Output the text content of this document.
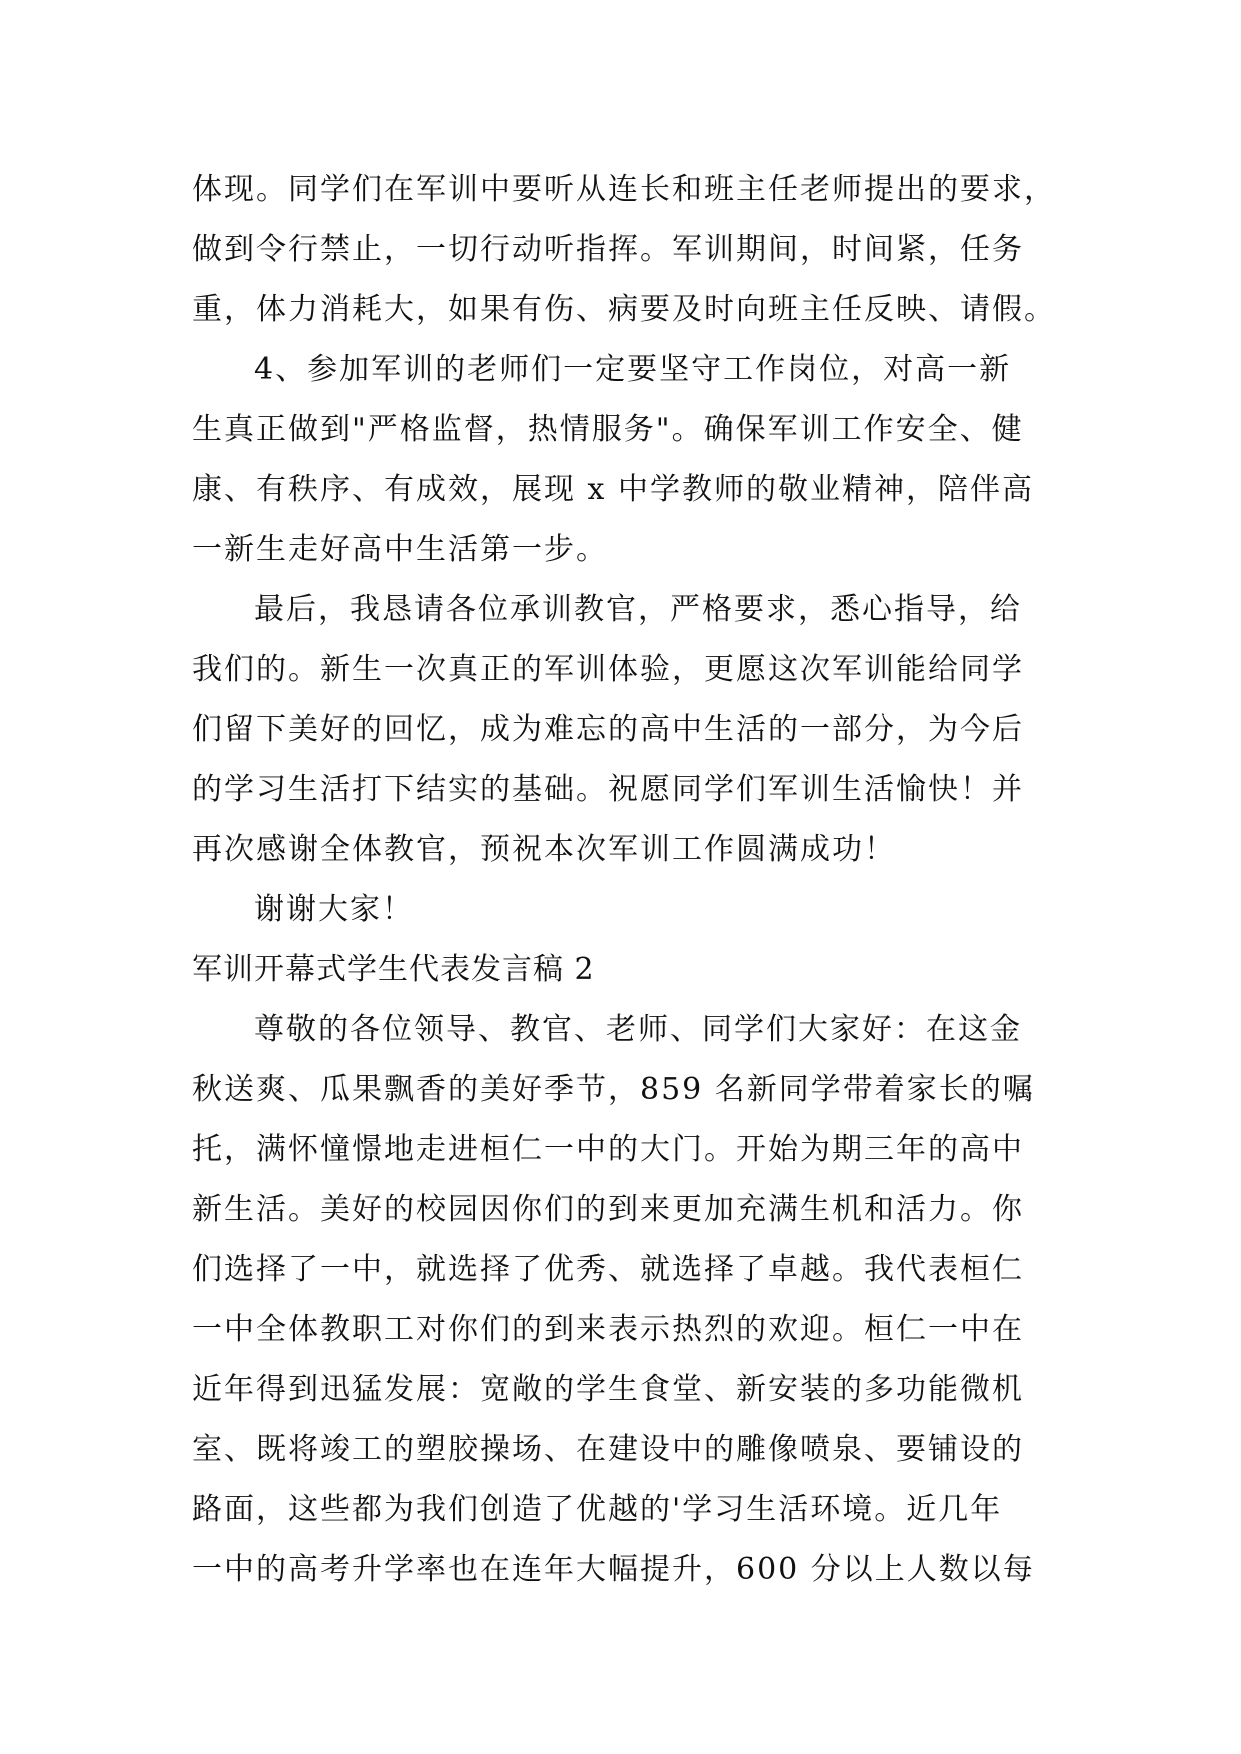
体现。同学们在军训中要听从连长和班主任老师提出的要求，
做到令行禁止，一切行动听指挥。军训期间，时间紧，任务
重，体力消耗大，如果有伤、病要及时向班主任反映、请假。
4、参加军训的老师们一定要坚守工作岗位，对高一新
生真正做到"严格监督，热情服务"。确保军训工作安全、健
康、有秩序、有成效，展现 x 中学教师的敬业精神，陪伴高
一新生走好高中生活第一步。
最后，我恳请各位承训教官，严格要求，悉心指导，给
我们的。新生一次真正的军训体验，更愿这次军训能给同学
们留下美好的回忆，成为难忘的高中生活的一部分，为今后
的学习生活打下结实的基础。祝愿同学们军训生活愉快！并
再次感谢全体教官，预祝本次军训工作圆满成功！
谢谢大家！
军训开幕式学生代表发言稿 2
尊敬的各位领导、教官、老师、同学们大家好：在这金
秋送爽、瓜果飘香的美好季节，859 名新同学带着家长的嘱
托，满怀憧憬地走进桓仁一中的大门。开始为期三年的高中
新生活。美好的校园因你们的到来更加充满生机和活力。你
们选择了一中，就选择了优秀、就选择了卓越。我代表桓仁
一中全体教职工对你们的到来表示热烈的欢迎。桓仁一中在
近年得到迅猛发展：宽敞的学生食堂、新安装的多功能微机
室、既将竣工的塑胶操场、在建设中的雕像喷泉、要铺设的
路面，这些都为我们创造了优越的'学习生活环境。近几年
一中的高考升学率也在连年大幅提升，600 分以上人数以每
